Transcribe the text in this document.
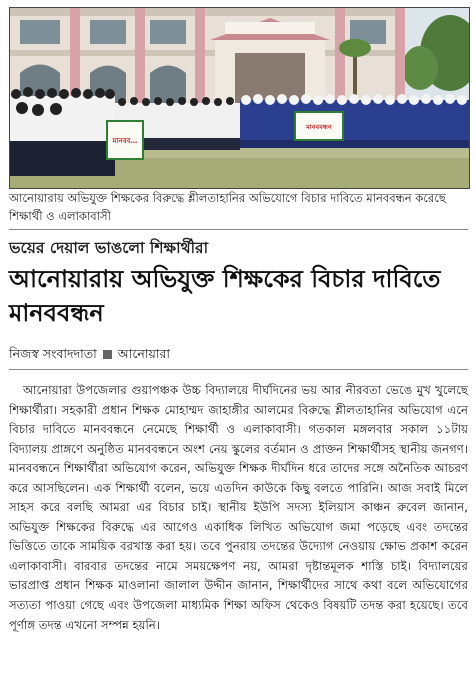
মানবব…
মানববন্ধন

আনোয়ারায় অভিযুক্ত শিক্ষকের বিরুদ্ধে শ্লীলতাহানির অভিযোগে বিচার দাবিতে মানববন্ধন করেছে শিক্ষার্থী ও এলাকাবাসী

ভয়ের দেয়াল ভাঙলো শিক্ষার্থীরা

আনোয়ারায় অভিযুক্ত শিক্ষকের বিচার দাবিতে মানববন্ধন

নিজস্ব সংবাদদাতা আনোয়ারা

আনোয়ারা উপজেলার গুয়াপঞ্চক উচ্চ বিদ্যালয়ে দীর্ঘদিনের ভয় আর নীরবতা ভেঙে মুখ খুলেছে শিক্ষার্থীরা। সহকারী প্রধান শিক্ষক মোহাম্মদ জাহাঙ্গীর আলমের বিরুদ্ধে শ্লীলতাহানির অভিযোগ এনে বিচার দাবিতে মানববন্ধনে নেমেছে শিক্ষার্থী ও এলাকাবাসী। গতকাল মঙ্গলবার সকাল ১১টায় বিদ্যালয় প্রাঙ্গণে অনুষ্ঠিত মানববন্ধনে অংশ নেয় স্কুলের বর্তমান ও প্রাক্তন শিক্ষার্থীসহ স্থানীয় জনগণ। মানববন্ধনে শিক্ষার্থীরা অভিযোগ করেন, অভিযুক্ত শিক্ষক দীর্ঘদিন ধরে তাদের সঙ্গে অনৈতিক আচরণ করে আসছিলেন। এক শিক্ষার্থী বলেন, ভয়ে এতদিন কাউকে কিছু বলতে পারিনি। আজ সবাই মিলে সাহস করে বলছি আমরা এর বিচার চাই। স্থানীয় ইউপি সদস্য ইলিয়াস কাঞ্চন রুবেল জানান, অভিযুক্ত শিক্ষকের বিরুদ্ধে এর আগেও একাধিক লিখিত অভিযোগ জমা পড়েছে এবং তদন্তের ভিত্তিতে তাকে সাময়িক বরখাস্ত করা হয়। তবে পুনরায় তদন্তের উদ্যোগ নেওয়ায় ক্ষোভ প্রকাশ করেন এলাকাবাসী। বারবার তদন্তের নামে সময়ক্ষেপণ নয়, আমরা দৃষ্টান্তমূলক শাস্তি চাই। বিদ্যালয়ের ভারপ্রাপ্ত প্রধান শিক্ষক মাওলানা জালাল উদ্দীন জানান, শিক্ষার্থীদের সাথে কথা বলে অভিযোগের সত্যতা পাওয়া গেছে এবং উপজেলা মাধ্যমিক শিক্ষা অফিস থেকেও বিষয়টি তদন্ত করা হয়েছে। তবে পূর্ণাঙ্গ তদন্ত এখনো সম্পন্ন হয়নি।
